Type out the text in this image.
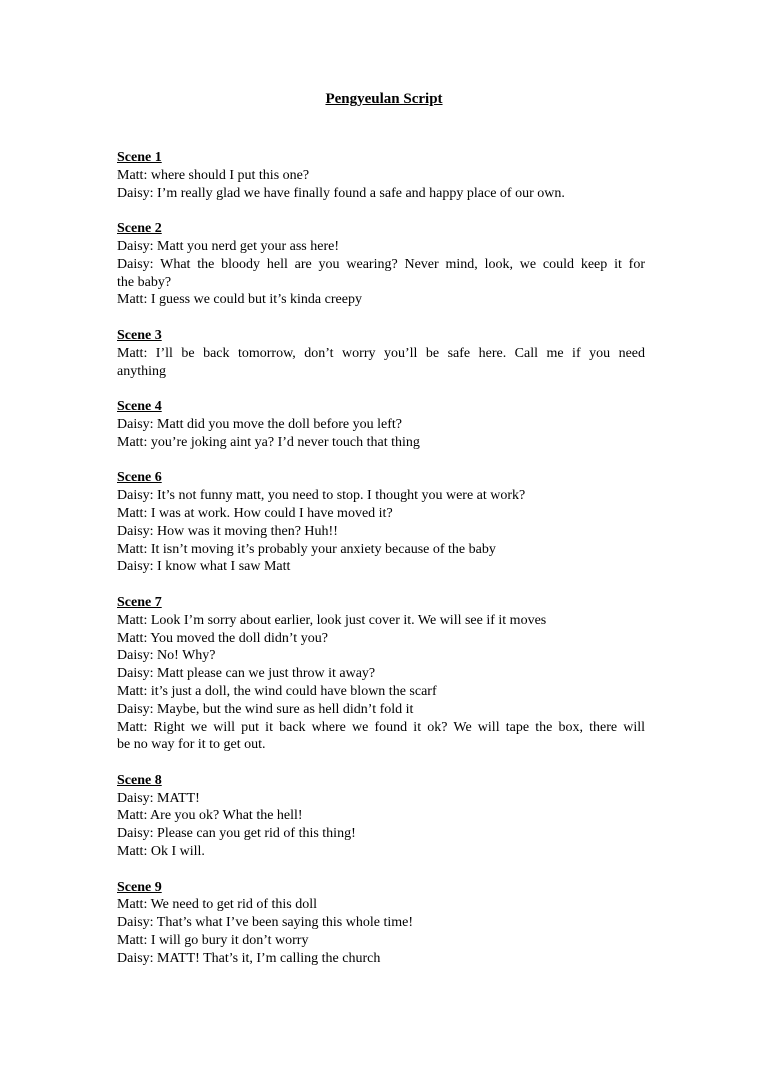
Pengyeulan Script
Scene 1
Matt: where should I put this one?
Daisy: I’m really glad we have finally found a safe and happy place of our own.
Scene 2
Daisy: Matt you nerd get your ass here!
Daisy: What the bloody hell are you wearing? Never mind, look, we could keep it for
the baby?
Matt: I guess we could but it’s kinda creepy
Scene 3
Matt: I’ll be back tomorrow, don’t worry you’ll be safe here. Call me if you need
anything
Scene 4
Daisy: Matt did you move the doll before you left?
Matt: you’re joking aint ya? I’d never touch that thing
Scene 6
Daisy: It’s not funny matt, you need to stop. I thought you were at work?
Matt: I was at work. How could I have moved it?
Daisy: How was it moving then? Huh!!
Matt: It isn’t moving it’s probably your anxiety because of the baby
Daisy: I know what I saw Matt
Scene 7
Matt: Look I’m sorry about earlier, look just cover it. We will see if it moves
Matt: You moved the doll didn’t you?
Daisy: No! Why?
Daisy: Matt please can we just throw it away?
Matt: it’s just a doll, the wind could have blown the scarf
Daisy: Maybe, but the wind sure as hell didn’t fold it
Matt: Right we will put it back where we found it ok? We will tape the box, there will
be no way for it to get out.
Scene 8
Daisy: MATT!
Matt: Are you ok? What the hell!
Daisy: Please can you get rid of this thing!
Matt: Ok I will.
Scene 9
Matt: We need to get rid of this doll
Daisy: That’s what I’ve been saying this whole time!
Matt: I will go bury it don’t worry
Daisy: MATT! That’s it, I’m calling the church
